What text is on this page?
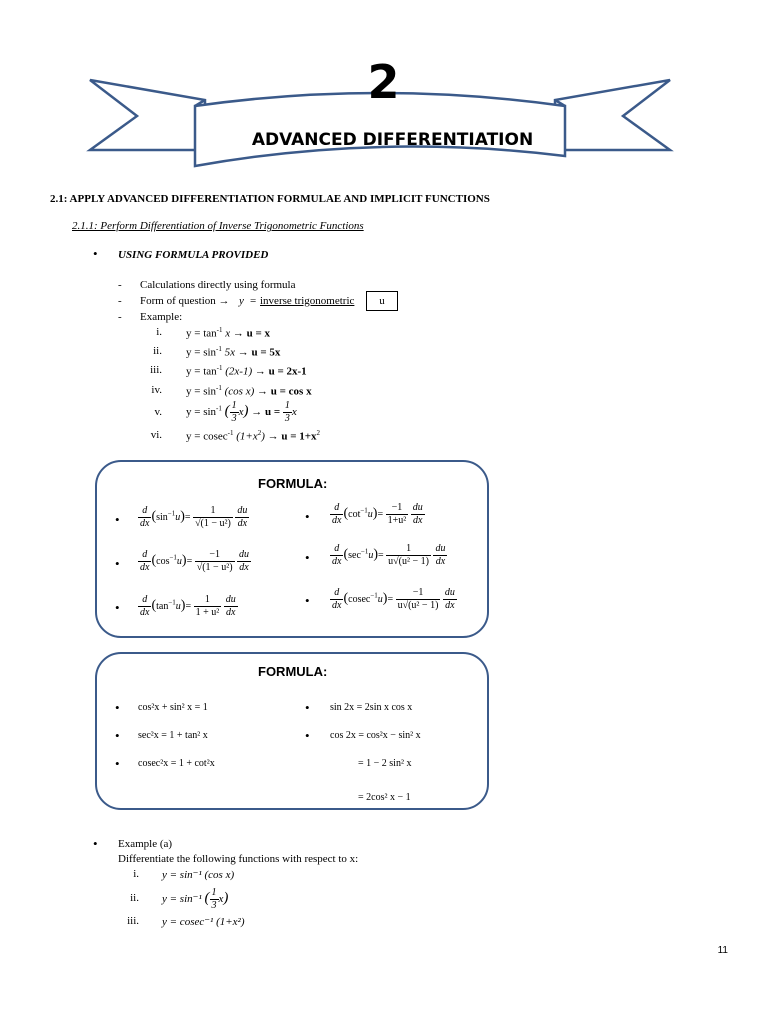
2
ADVANCED DIFFERENTIATION
2.1: APPLY ADVANCED DIFFERENTIATION FORMULAE AND IMPLICIT FUNCTIONS
2.1.1: Perform Differentiation of Inverse Trigonometric Functions
• USING FORMULA PROVIDED
- Calculations directly using formula
- Form of question → y = inverse trigonometric	u
- Example:
i. $y = \tan^{-1} x \to u = x$
ii. $y = \sin^{-1} 5x \to u = 5x$
iii. $y = \tan^{-1} (2x-1) \to u = 2x-1$
iv. $y = \sin^{-1} (\cos$ x) → u = cos x
v. $y = \sin^{-1}$ ( $\frac{1}{3} x) \to u = \frac{1}{3}$ x
vi. y = cosec$^{-1}$ $(1+x^2) \to u = 1+x^2$
FORMULA:
• $\frac{d}{dx} (\sin^{-1}u)= \frac{1}{\text{√(1 − u²)}}$
$\frac{du}{dx}$
• $\frac{d}{dx} (\cos^{-1}u)= \frac{-1}{\text{√(1 − u²)}}$
$\frac{du}{dx}$
• $\frac{d}{dx} (\tan^{-1}u)= \frac{1}{\text{1 + u²}}$
$\frac{du}{dx}$
• $\frac{d}{dx} (\cot^{-1}u)= \frac{-1}{\text{1+u²}}$
$\frac{du}{dx}$
• $\frac{d}{dx} (\sec^{-1}u)= \frac{1}{\text{u√(u² − 1)}}$
$\frac{du}{dx}$
• $\frac{d}{dx} (cosec^{-1}u)= \frac{-1}{\text{u√(u² − 1)}}$
$\frac{du}{dx}$
FORMULA:
• cos²x + sin² x = 1
• sec²x = 1 + tan² x
• cosec²x = 1 + cot²x
• sin 2x = 2sin x cos x
• cos 2x = cos²x − sin² x
= 1 − 2 sin² x
= 2cos² x − 1
• Example (a)
Differentiate the following functions with respect to x:
i. y = sin⁻¹ (cos x)
ii. y = sin⁻¹ ( $\frac{1}{3} x$)
iii. y = cosec⁻¹ (1+x²)
11
